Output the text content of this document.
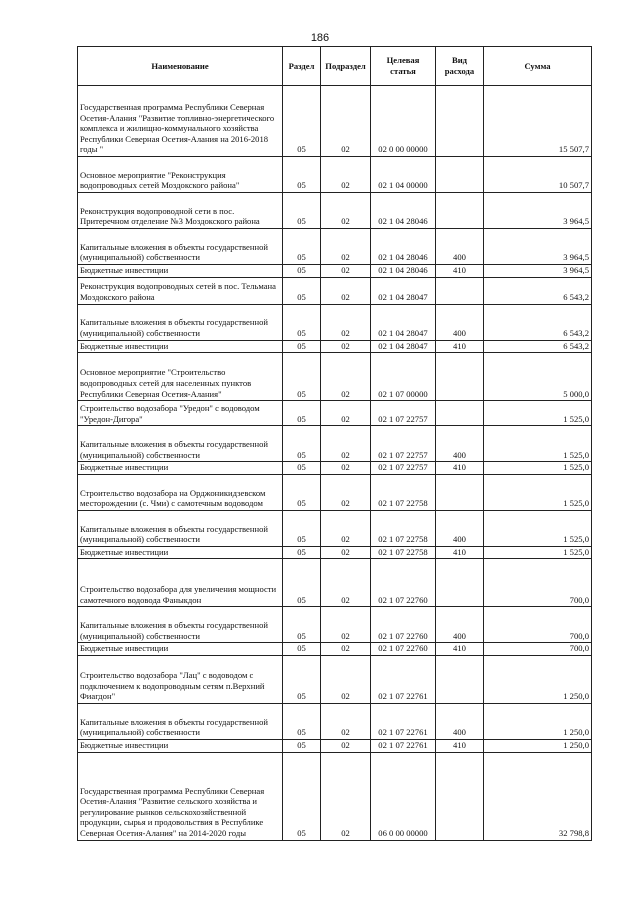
186
Наименование	Раздел	Подраздел	Целевая статья	Вид расхода	Сумма
Государственная программа Республики Северная Осетия-Алания "Развитие топливно-энергетического комплекса и жилищно-коммунального хозяйства Республики Северная Осетия-Алания на 2016-2018 годы "	05	02	02 0 00 00000		15 507,7
Основное мероприятие "Реконструкция водопроводных сетей Моздокского района"	05	02	02 1 04 00000		10 507,7
Реконструкция водопроводной сети в пос. Притеречном отделение №3 Моздокского района	05	02	02 1 04 28046		3 964,5
Капитальные вложения в объекты государственной (муниципальной) собственности	05	02	02 1 04 28046	400	3 964,5
Бюджетные инвестиции	05	02	02 1 04 28046	410	3 964,5
Реконструкция водопроводных сетей в пос. Тельмана Моздокского района	05	02	02 1 04 28047		6 543,2
Капитальные вложения в объекты государственной (муниципальной) собственности	05	02	02 1 04 28047	400	6 543,2
Бюджетные инвестиции	05	02	02 1 04 28047	410	6 543,2
Основное мероприятие "Строительство водопроводных сетей для населенных пунктов Республики Северная Осетия-Алания"	05	02	02 1 07 00000		5 000,0
Строительство водозабора "Уредон" с водоводом "Уредон-Дигора"	05	02	02 1 07 22757		1 525,0
Капитальные вложения в объекты государственной (муниципальной) собственности	05	02	02 1 07 22757	400	1 525,0
Бюджетные инвестиции	05	02	02 1 07 22757	410	1 525,0
Строительство водозабора на Орджоникидзевском месторождении (с. Чми) с самотечным водоводом	05	02	02 1 07 22758		1 525,0
Капитальные вложения в объекты государственной (муниципальной) собственности	05	02	02 1 07 22758	400	1 525,0
Бюджетные инвестиции	05	02	02 1 07 22758	410	1 525,0
Строительство водозабора для увеличения мощности самотечного водовода Фаныкдон	05	02	02 1 07 22760		700,0
Капитальные вложения в объекты государственной (муниципальной) собственности	05	02	02 1 07 22760	400	700,0
Бюджетные инвестиции	05	02	02 1 07 22760	410	700,0
Строительство водозабора "Лац" с водоводом с подключением к водопроводным сетям п.Верхний Фиагдон"	05	02	02 1 07 22761		1 250,0
Капитальные вложения в объекты государственной (муниципальной) собственности	05	02	02 1 07 22761	400	1 250,0
Бюджетные инвестиции	05	02	02 1 07 22761	410	1 250,0
Государственная программа Республики Северная Осетия-Алания "Развитие сельского хозяйства и регулирование рынков сельскохозяйственной продукции, сырья и продовольствия в Республике Северная Осетия-Алания" на 2014-2020 годы	05	02	06 0 00 00000		32 798,8
